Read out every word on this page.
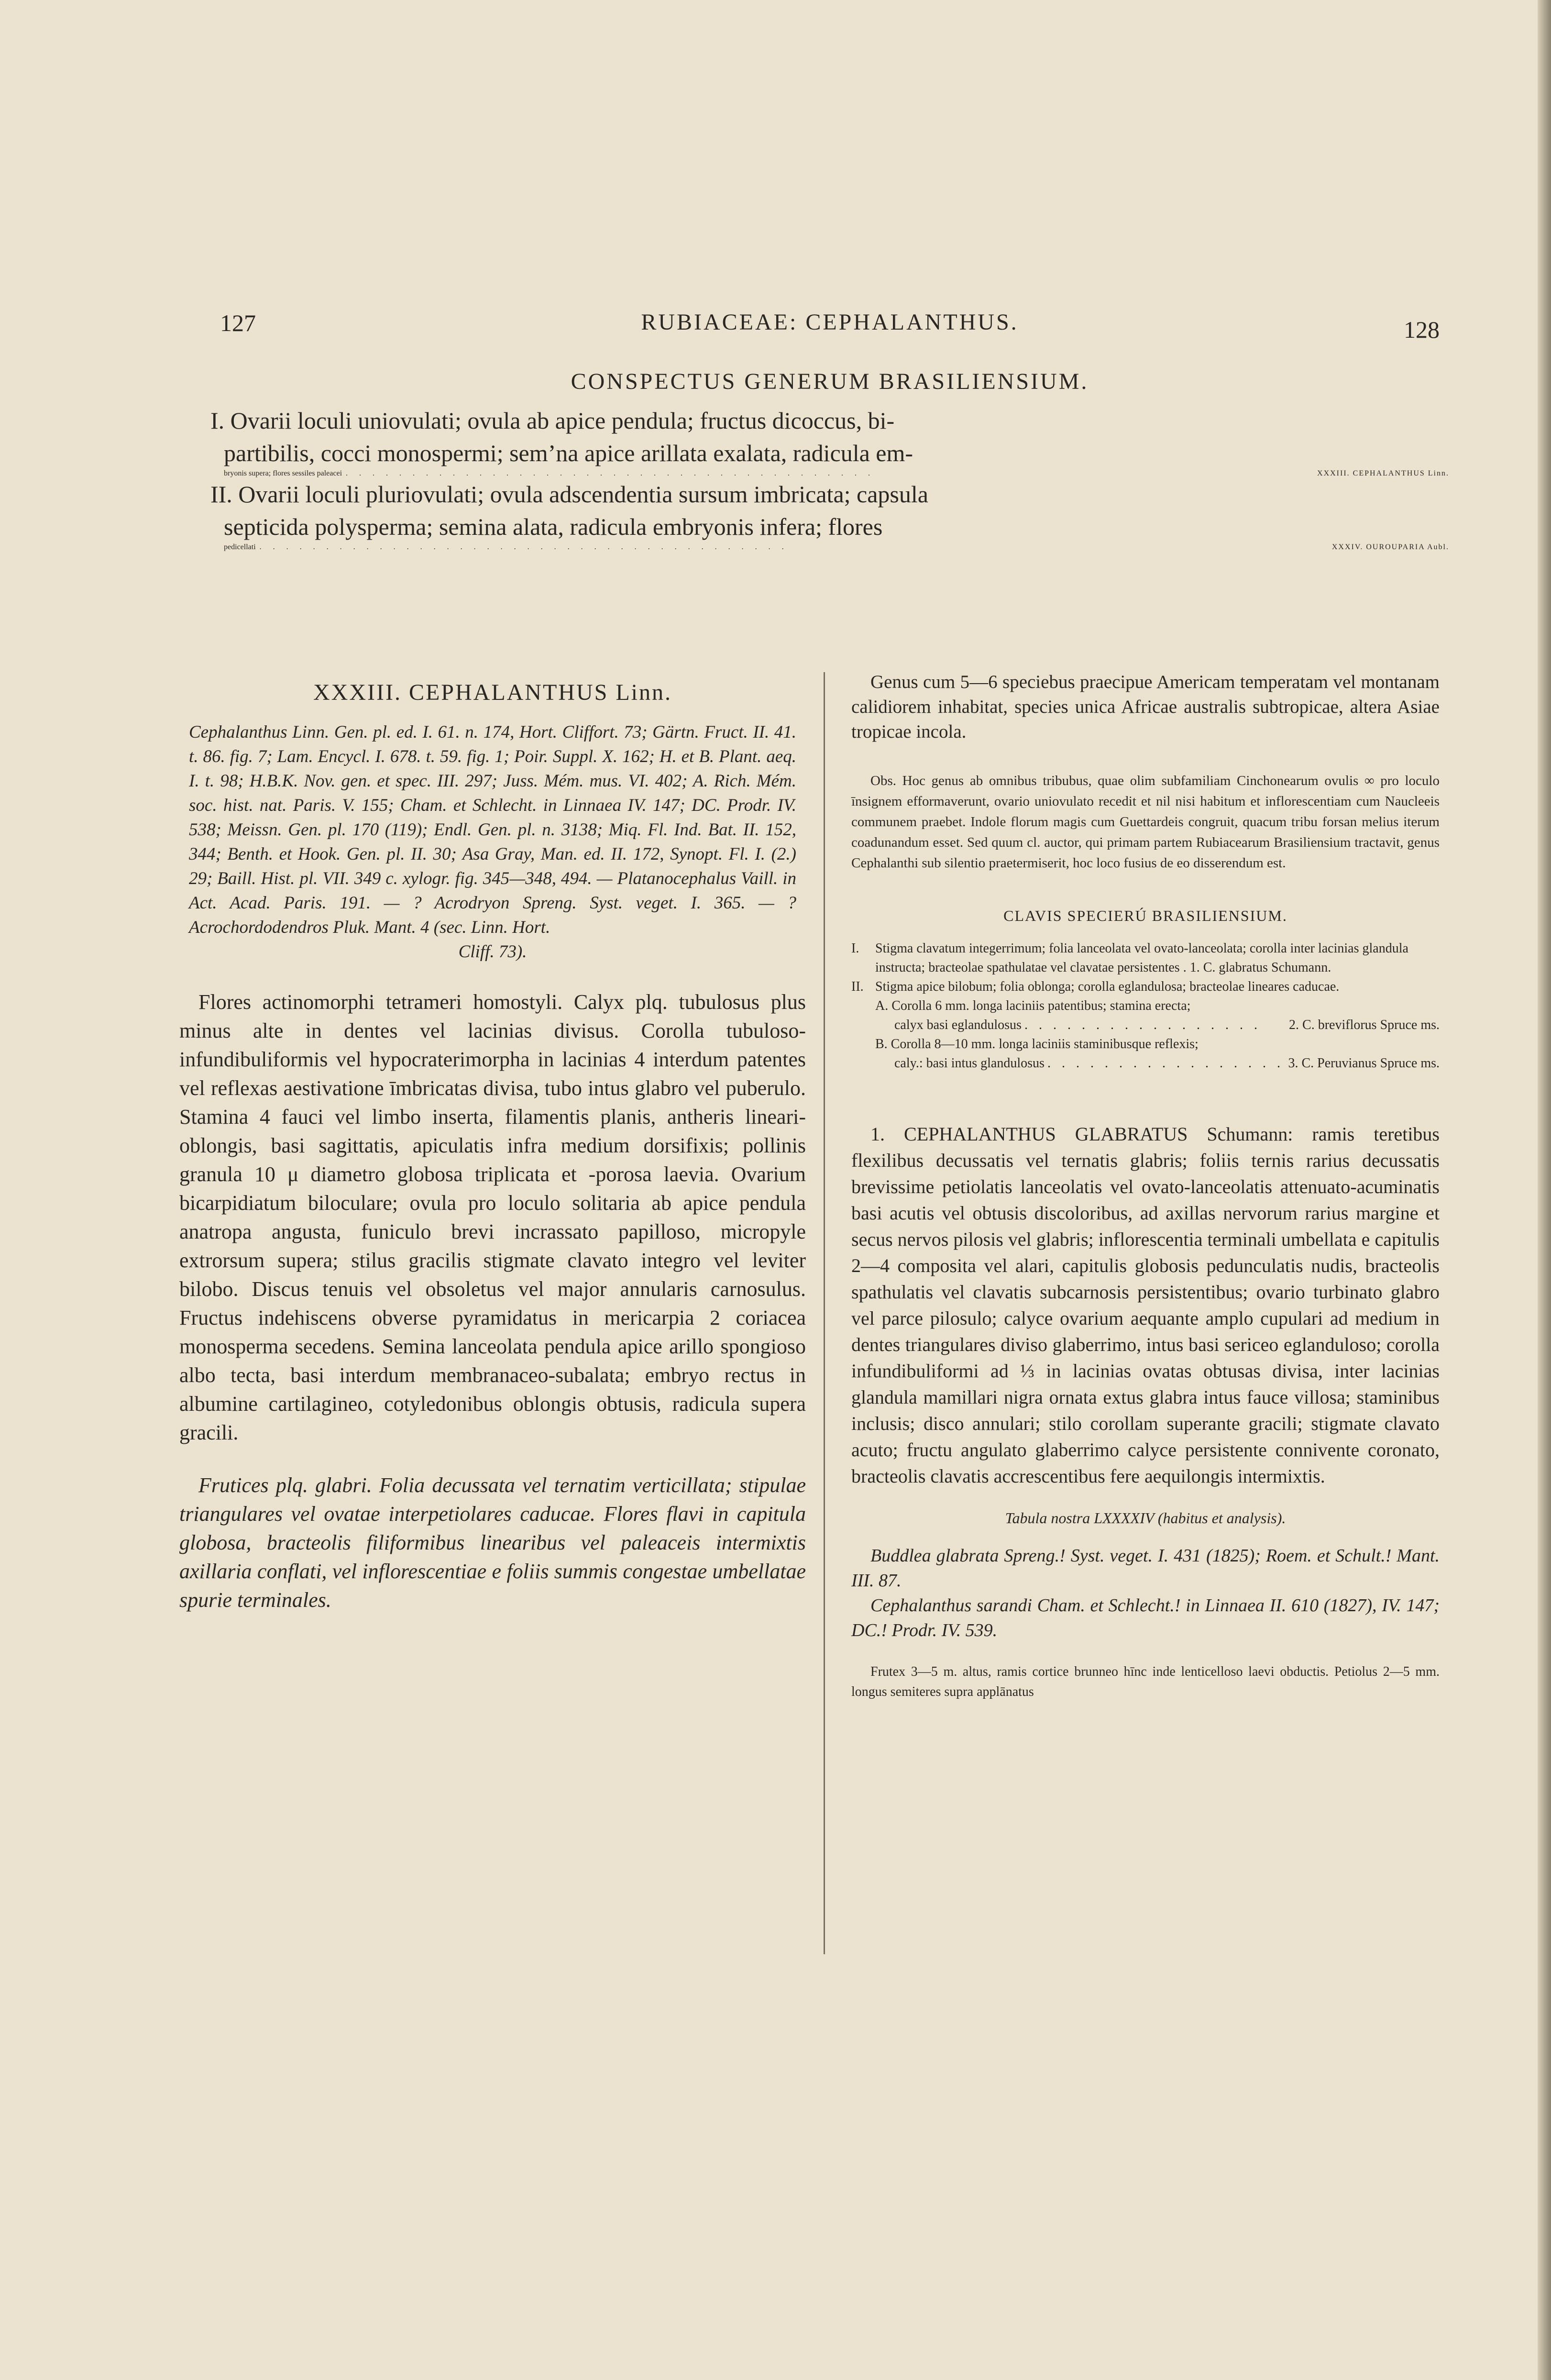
127	RUBIACEAE: CEPHALANTHUS.	128
CONSPECTUS GENERUM BRASILIENSIUM.

I. Ovarii loculi uniovulati; ovula ab apice pendula; fructus dicoccus, bi-

partibilis, cocci monospermi; semʼna apice arillata exalata, radicula em-

bryonis supera; flores sessiles paleacei . . . . . . . . . . . . . . . . . . . . . . . . . . . . . . . . . . . . . . . .	XXXIII. CEPHALANTHUS Linn.

II. Ovarii loculi pluriovulati; ovula adscendentia sursum imbricata; capsula

septicida polysperma; semina alata, radicula embryonis infera; flores

pedicellati . . . . . . . . . . . . . . . . . . . . . . . . . . . . . . . . . . . . . . . .	XXXIV. OUROUPARIA Aubl.
XXXIII. CEPHALANTHUS Linn.
Cephalanthus Linn. Gen. pl. ed. I. 61. n. 174, Hort. Cliffort. 73; Gärtn. Fruct. II. 41. t. 86. fig. 7; Lam. Encycl. I. 678. t. 59. fig. 1; Poir. Suppl. X. 162; H. et B. Plant. aeq. I. t. 98; H.B.K. Nov. gen. et spec. III. 297; Juss. Mém. mus. VI. 402; A. Rich. Mém. soc. hist. nat. Paris. V. 155; Cham. et Schlecht. in Linnaea IV. 147; DC. Prodr. IV. 538; Meissn. Gen. pl. 170 (119); Endl. Gen. pl. n. 3138; Miq. Fl. Ind. Bat. II. 152, 344; Benth. et Hook. Gen. pl. II. 30; Asa Gray, Man. ed. II. 172, Synopt. Fl. I. (2.) 29; Baill. Hist. pl. VII. 349 c. xylogr. fig. 345—348, 494. — Platanocephalus Vaill. in Act. Acad. Paris. 191. — ? Acrodryon Spreng. Syst. veget. I. 365. — ? Acrochordodendros Pluk. Mant. 4 (sec. Linn. Hort.
Cliff. 73).

Flores actinomorphi tetrameri homostyli. Calyx plq. tubulosus plus minus alte in dentes vel lacinias divisus. Corolla tubuloso-infundibuliformis vel hypocraterimorpha in lacinias 4 interdum patentes vel reflexas aestivatione īmbricatas divisa, tubo intus glabro vel puberulo. Stamina 4 fauci vel limbo inserta, filamentis planis, antheris lineari-oblongis, basi sagittatis, apiculatis infra medium dorsifixis; pollinis granula 10 μ diametro globosa triplicata et -porosa laevia. Ovarium bicarpidiatum biloculare; ovulа pro loculo solitaria ab apice pendula anatropa angusta, funiculo brevi incrassato papilloso, micropyle extrorsum supera; stilus gracilis stigmate clavato integro vel leviter bilobo. Discus tenuis vel obsoletus vel major annularis carnosulus. Fructus indehiscens obverse pyramidatus in mericarpia 2 coriacea monosperma secedens. Semina lanceolata pendula apice arillo spongioso albo tecta, basi interdum membranaceo-subalata; embryo rectus in albumine cartilagineo, cotyledonibus oblongis obtusis, radicula supera gracili.

Frutices plq. glabri. Folia decussata vel ternatim verticillata; stipulae triangulares vel ovatae interpetiolares caducae. Flores flavi in capitula globosa, bracteolis filiformibus linearibus vel paleaceis intermixtis axillaria conflati, vel inflorescentiae e foliis summis congestae umbellatae spurie terminales.

Genus cum 5—6 speciebus praecipue Americam temperatam vel montanam calidiorem inhabitat, species unica Africae australis subtropicae, altera Asiae tropicae incola.

Obs. Hoc genus ab omnibus tribubus, quae olim subfamiliam Cinchonearum ovulis ∞ pro loculo īnsignem efformaverunt, ovario uniovulato recedit et nil nisi habitum et inflorescentiam cum Naucleeis communem praebet. Indole florum magis cum Guettardeis congruit, quacum tribu forsan melius iterum coadunandum esset. Sed quum cl. auctor, qui primam partem Rubiacearum Brasiliensium tractavit, genus Cephalanthi sub silentio praetermiserit, hoc loco fusius de eo disserendum est.

CLAVIS SPECIERÚ BRASILIENSIUM.
I.	Stigma clavatum integerrimum; folia lanceolata vel ovato-lanceolata; corolla inter lacinias glandula instructa; bracteolae spathulatae vel clavatae persistentes . 1. C. glabratus Schumann.
II. Stigma apice bilobum; folia oblonga; corolla eglandulosa; bracteolae lineares caducae.
A. Corolla 6 mm. longa laciniis patentibus; stamina erecta;
calyx basi eglandulosus . . . . . . . . . . . . . . . . .	2. C. breviflorus Spruce ms.
B. Corolla 8—10 mm. longa laciniis staminibusque reflexis;
caly.: basi intus glandulosus . . . . . . . . . . . . . . . . . 3. C. Peruvianus Spruce ms.

1. CEPHALANTHUS GLABRATUS Schumann: ramis teretibus flexilibus decussatis vel ternatis glabris; foliis ternis rarius decussatis brevissime petiolatis lanceolatis vel ovato-lanceolatis attenuato-acuminatis basi acutis vel obtusis discoloribus, ad axillas nervorum rarius margine et secus nervos pilosis vel glabris; inflorescentia terminali umbellata e capitulis 2—4 composita vel alari, capitulis globosis pedunculatis nudis, bracteolis spathulatis vel clavatis subcarnosis persistentibus; ovario turbinato glabro vel parce pilosulo; calyce ovarium aequante amplo cupulari ad medium in dentes triangulares diviso glaberrimo, intus basi sericeo eglanduloso; corolla infundibuliformi ad ⅓ in lacinias ovatas obtusas divisa, inter lacinias glandula mamillari nigra ornata extus glabra intus fauce villosa; staminibus inclusis; disco annulari; stilo corollam superante gracili; stigmate clavato acuto; fructu angulato glaberrimo calyce persistente connivente coronato, bracteolis clavatis accrescentibus fere aequilongis intermixtis.

Tabula nostra LXXXXIV (habitus et analysis).

Buddlea glabrata Spreng.! Syst. veget. I. 431 (1825); Roem. et Schult.! Mant. III. 87.

Cephalanthus sarandi Cham. et Schlecht.! in Linnaea II. 610 (1827), IV. 147; DC.! Prodr. IV. 539.

Frutex 3—5 m. altus, ramis cortice brunneo hīnc inde lenticelloso laevi obductis. Petiolus 2—5 mm. longus semiteres supra applānatus
